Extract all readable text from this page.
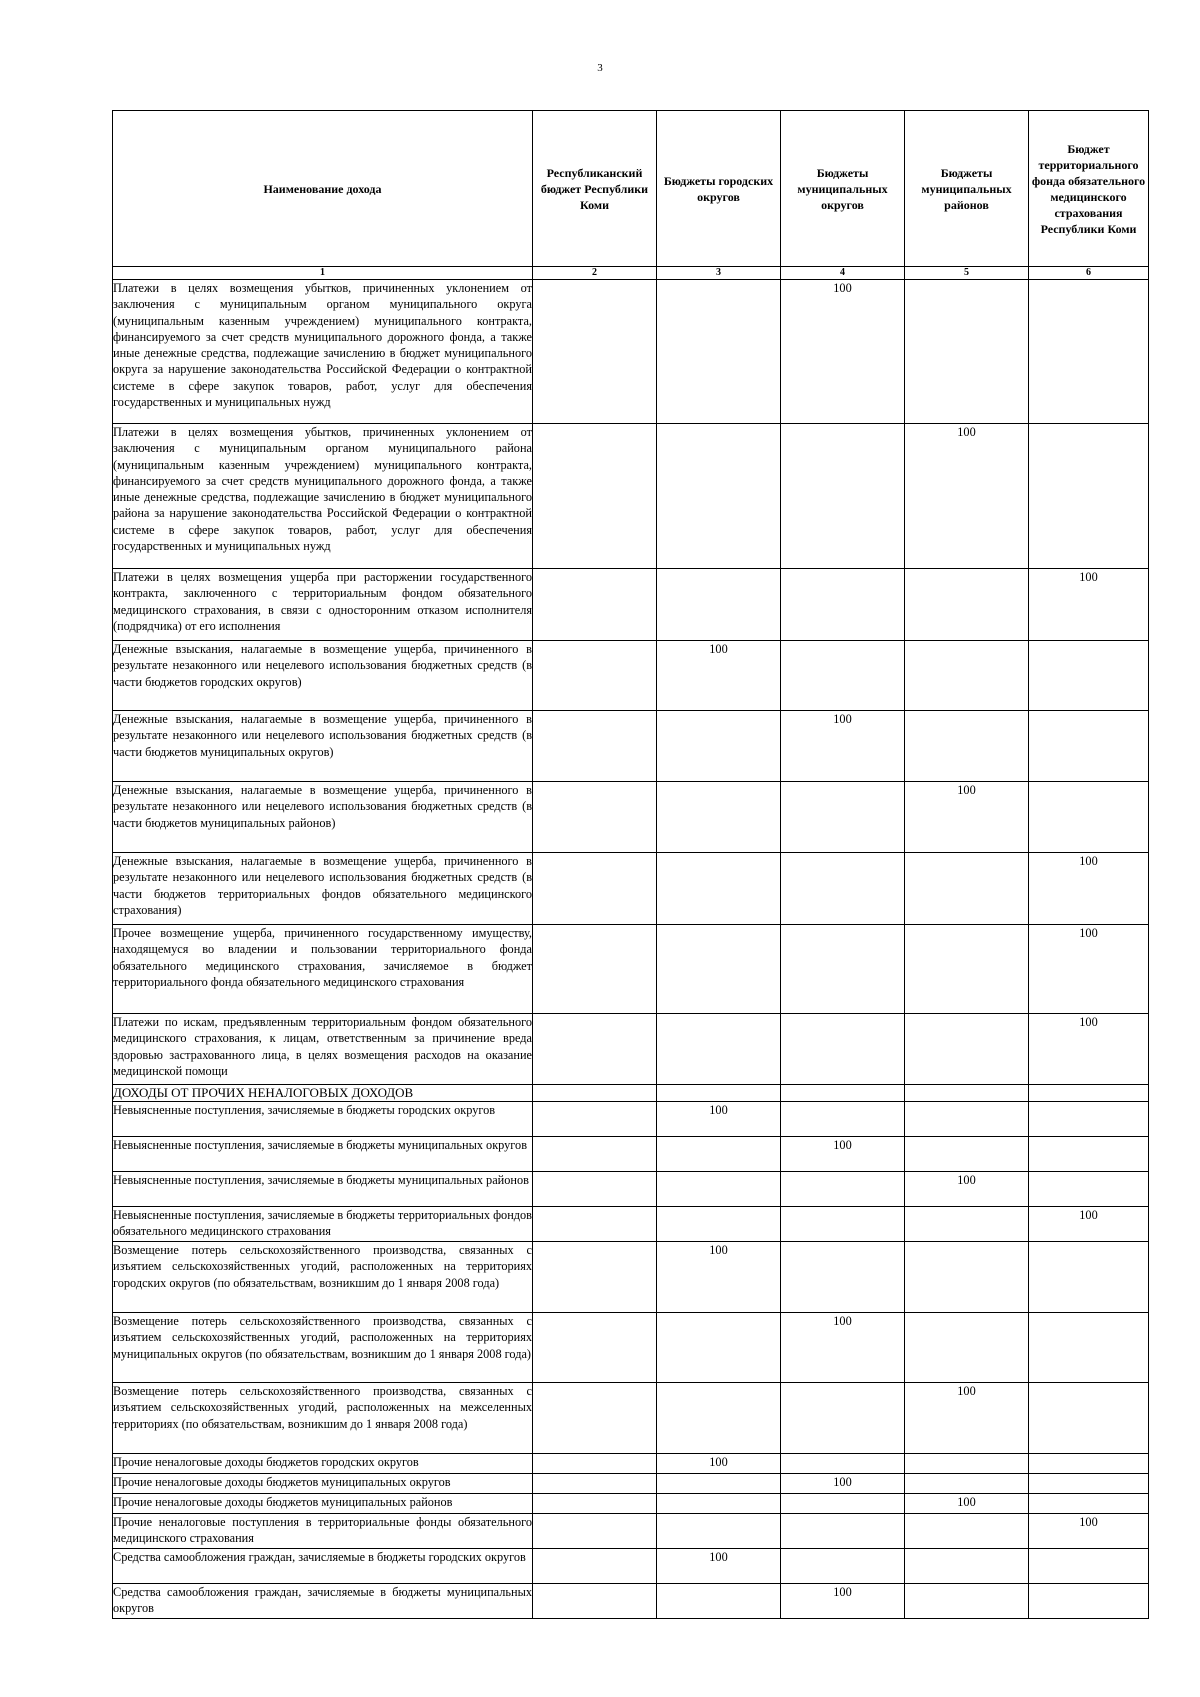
3
Наименование дохода	Республиканский бюджет Республики Коми	Бюджеты городских округов	Бюджеты муниципальных округов	Бюджеты муниципальных районов	Бюджет территориального фонда обязательного медицинского страхования Республики Коми
1	2	3	4	5	6
Платежи в целях возмещения убытков, причиненных уклонением от заключения с муниципальным органом муниципального округа (муниципальным казенным учреждением) муниципального контракта, финансируемого за счет средств муниципального дорожного фонда, а также иные денежные средства, подлежащие зачислению в бюджет муниципального округа за нарушение законодательства Российской Федерации о контрактной системе в сфере закупок товаров, работ, услуг для обеспечения государственных и муниципальных нужд			100		
Платежи в целях возмещения убытков, причиненных уклонением от заключения с муниципальным органом муниципального района (муниципальным казенным учреждением) муниципального контракта, финансируемого за счет средств муниципального дорожного фонда, а также иные денежные средства, подлежащие зачислению в бюджет муниципального района за нарушение законодательства Российской Федерации о контрактной системе в сфере закупок товаров, работ, услуг для обеспечения государственных и муниципальных нужд				100	
Платежи в целях возмещения ущерба при расторжении государственного контракта, заключенного с территориальным фондом обязательного медицинского страхования, в связи с односторонним отказом исполнителя (подрядчика) от его исполнения					100
Денежные взыскания, налагаемые в возмещение ущерба, причиненного в результате незаконного или нецелевого использования бюджетных средств (в части бюджетов городских округов)		100			
Денежные взыскания, налагаемые в возмещение ущерба, причиненного в результате незаконного или нецелевого использования бюджетных средств (в части бюджетов муниципальных округов)			100		
Денежные взыскания, налагаемые в возмещение ущерба, причиненного в результате незаконного или нецелевого использования бюджетных средств (в части бюджетов муниципальных районов)				100	
Денежные взыскания, налагаемые в возмещение ущерба, причиненного в результате незаконного или нецелевого использования бюджетных средств (в части бюджетов территориальных фондов обязательного медицинского страхования)					100
Прочее возмещение ущерба, причиненного государственному имуществу, находящемуся во владении и пользовании территориального фонда обязательного медицинского страхования, зачисляемое в бюджет территориального фонда обязательного медицинского страхования					100
Платежи по искам, предъявленным территориальным фондом обязательного медицинского страхования, к лицам, ответственным за причинение вреда здоровью застрахованного лица, в целях возмещения расходов на оказание медицинской помощи					100
ДОХОДЫ ОТ ПРОЧИХ НЕНАЛОГОВЫХ ДОХОДОВ					
Невыясненные поступления, зачисляемые в бюджеты городских округов		100			
Невыясненные поступления, зачисляемые в бюджеты муниципальных округов			100		
Невыясненные поступления, зачисляемые в бюджеты муниципальных районов				100	
Невыясненные поступления, зачисляемые в бюджеты территориальных фондов обязательного медицинского страхования					100
Возмещение потерь сельскохозяйственного производства, связанных с изъятием сельскохозяйственных угодий, расположенных на территориях городских округов (по обязательствам, возникшим до 1 января 2008 года)		100			
Возмещение потерь сельскохозяйственного производства, связанных с изъятием сельскохозяйственных угодий, расположенных на территориях муниципальных округов (по обязательствам, возникшим до 1 января 2008 года)			100		
Возмещение потерь сельскохозяйственного производства, связанных с изъятием сельскохозяйственных угодий, расположенных на межселенных территориях (по обязательствам, возникшим до 1 января 2008 года)				100	
Прочие неналоговые доходы бюджетов городских округов		100			
Прочие неналоговые доходы бюджетов муниципальных округов			100		
Прочие неналоговые доходы бюджетов муниципальных районов				100	
Прочие неналоговые поступления в территориальные фонды обязательного медицинского страхования					100
Средства самообложения граждан, зачисляемые в бюджеты городских округов		100			
Средства самообложения граждан, зачисляемые в бюджеты муниципальных округов			100		
